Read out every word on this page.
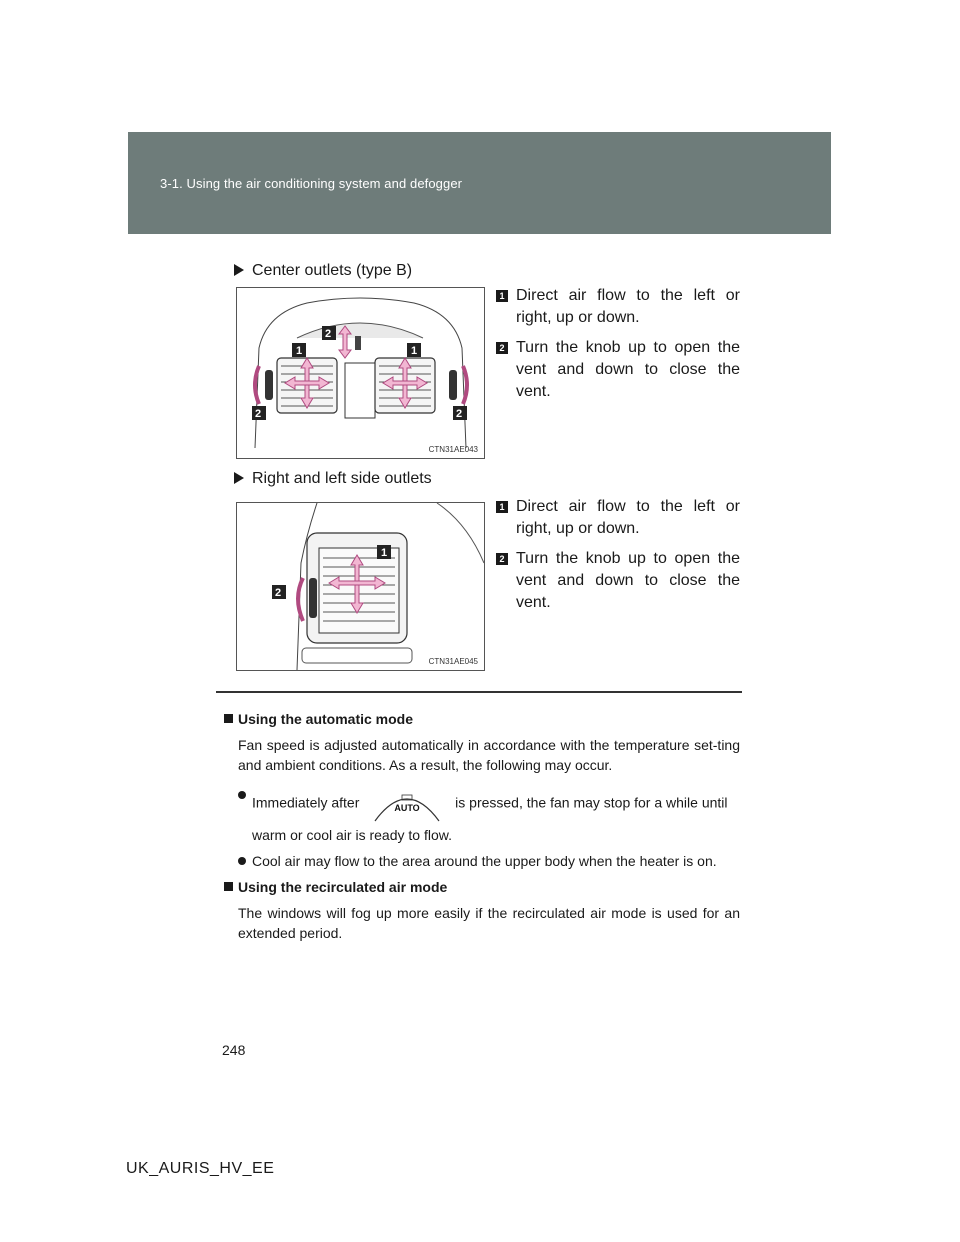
3-1. Using the air conditioning system and defogger
Center outlets (type B)
2
1	1
2	2
CTN31AE043
1 Direct air flow to the left or right, up or down.
2 Turn the knob up to open the vent and down to close the vent.
Right and left side outlets
1
2
CTN31AE045
1 Direct air flow to the left or right, up or down.
2 Turn the knob up to open the vent and down to close the vent.
Using the automatic mode
Fan speed is adjusted automatically in accordance with the temperature set-ting and ambient conditions. As a result, the following may occur.
Immediately after	AUTO	is pressed, the fan may stop for a while until
warm or cool air is ready to flow.
Cool air may flow to the area around the upper body when the heater is on.
Using the recirculated air mode
The windows will fog up more easily if the recirculated air mode is used for an extended period.
248
UK_AURIS_HV_EE
